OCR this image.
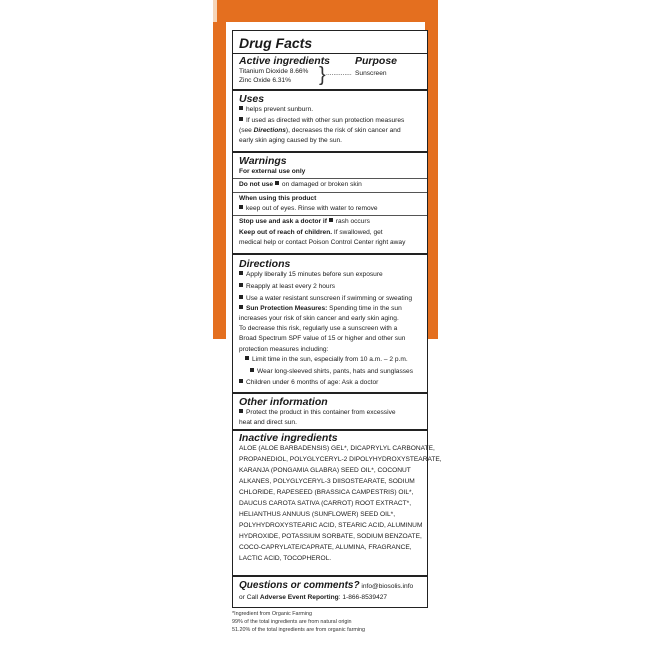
Drug Facts
Active ingredients Purpose
Titanium Dioxide 8.66%
Zinc Oxide 6.31% } .............. Sunscreen
Uses
helps prevent sunburn.
If used as directed with other sun protection measures
(see Directions), decreases the risk of skin cancer and
early skin aging caused by the sun.
Warnings
For external use only
Do not use on damaged or broken skin
When using this product
keep out of eyes. Rinse with water to remove
Stop use and ask a doctor if rash occurs
Keep out of reach of children. If swallowed, get
medical help or contact Poison Control Center right away
Directions
Apply liberally 15 minutes before sun exposure
Reapply at least every 2 hours
Use a water resistant sunscreen if swimming or sweating
Sun Protection Measures: Spending time in the sun
increases your risk of skin cancer and early skin aging.
To decrease this risk, regularly use a sunscreen with a
Broad Spectrum SPF value of 15 or higher and other sun
protection measures including:
Limit time in the sun, especially from 10 a.m. – 2 p.m.
Wear long-sleeved shirts, pants, hats and sunglasses
Children under 6 months of age: Ask a doctor
Other information
Protect the product in this container from excessive
heat and direct sun.
Inactive ingredients
ALOE (ALOE BARBADENSIS) GEL*, DICAPRYLYL CARBONATE,
PROPANEDIOL, POLYGLYCERYL-2 DIPOLYHYDROXYSTEARATE,
KARANJA (PONGAMIA GLABRA) SEED OIL*, COCONUT
ALKANES, POLYGLYCERYL-3 DIISOSTEARATE, SODIUM
CHLORIDE, RAPESEED (BRASSICA CAMPESTRIS) OIL*,
DAUCUS CAROTA SATIVA (CARROT) ROOT EXTRACT*,
HELIANTHUS ANNUUS (SUNFLOWER) SEED OIL*,
POLYHYDROXYSTEARIC ACID, STEARIC ACID, ALUMINUM
HYDROXIDE, POTASSIUM SORBATE, SODIUM BENZOATE,
COCO-CAPRYLATE/CAPRATE, ALUMINA, FRAGRANCE,
LACTIC ACID, TOCOPHEROL.
Questions or comments? info@biosolis.info
or Call Adverse Event Reporting: 1-866-8539427
*Ingredient from Organic Farming
99% of the total ingredients are from natural origin
51.20% of the total ingredients are from organic farming
